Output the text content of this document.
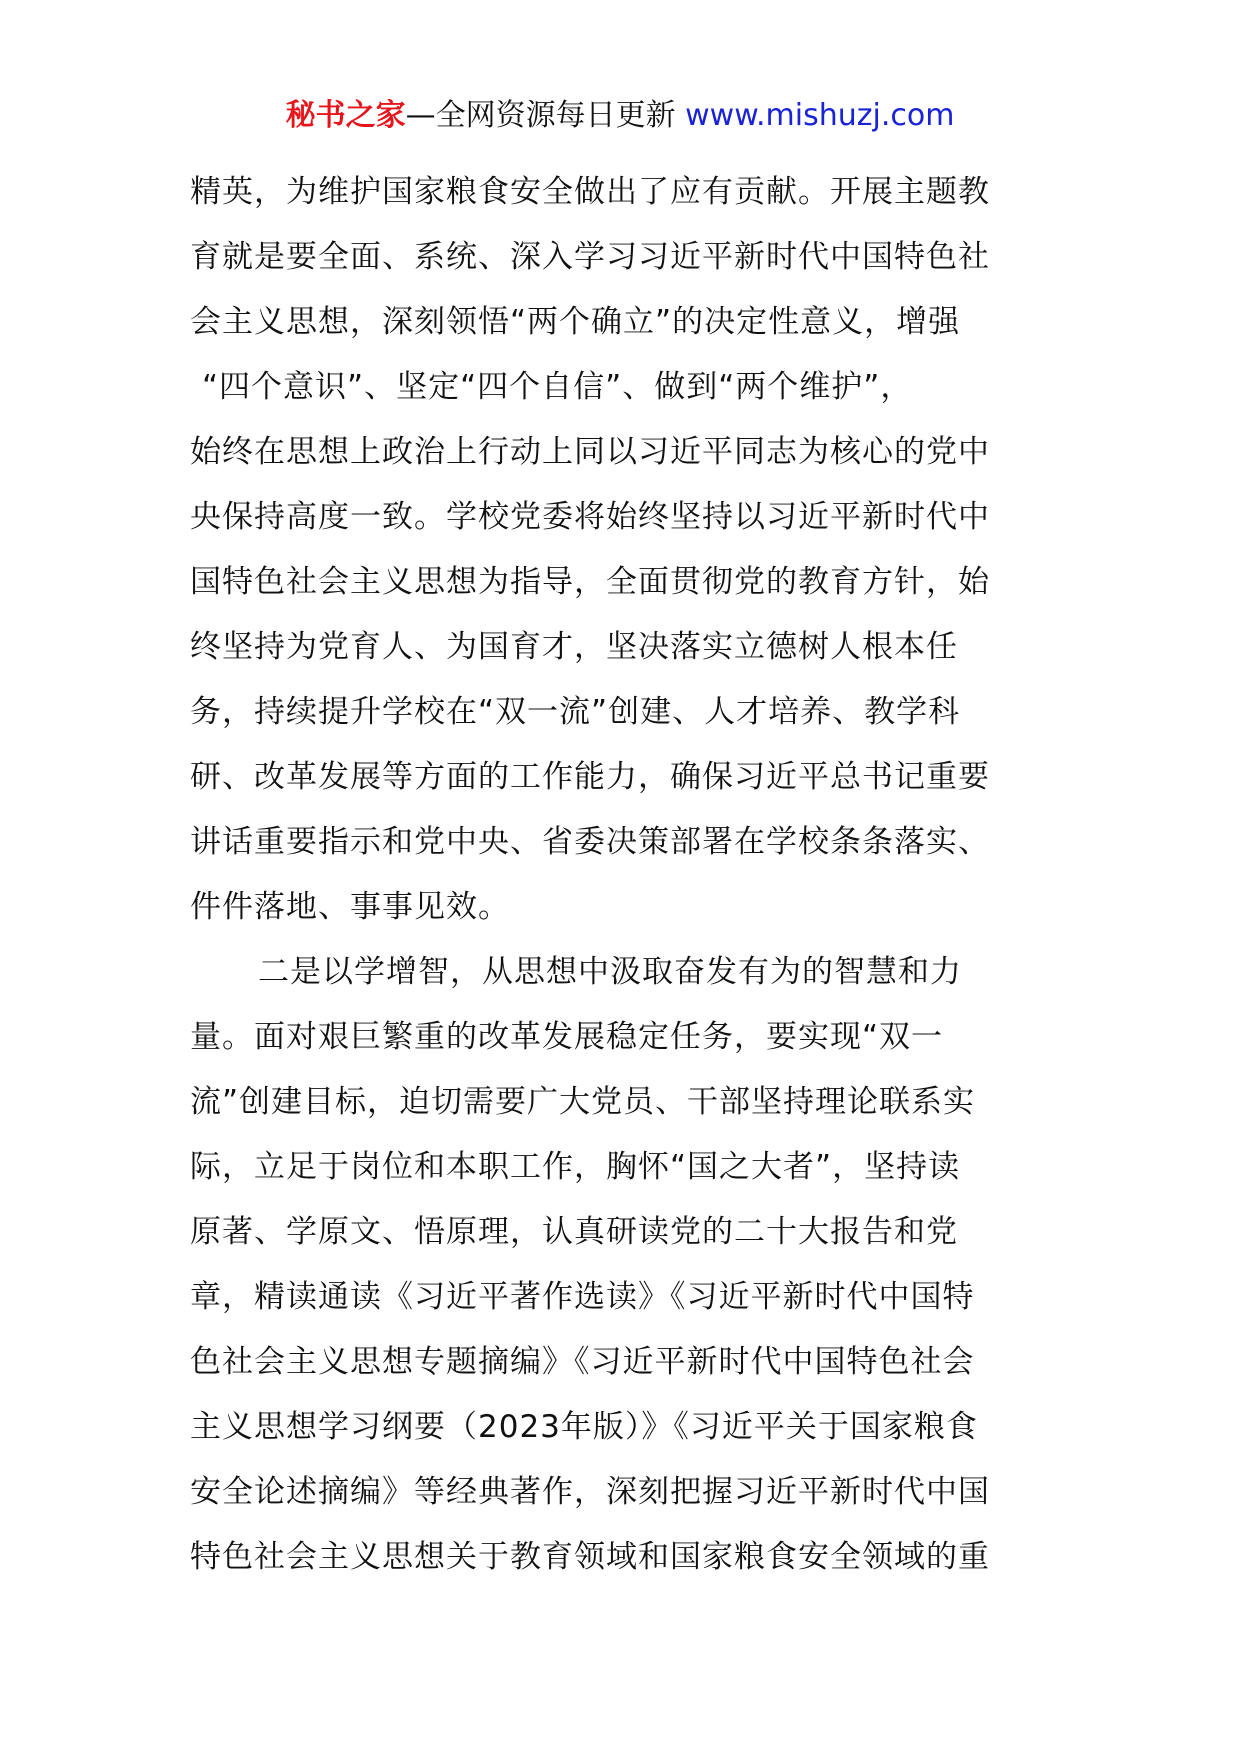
秘书之家—全网资源每日更新 www.mishuzj.com
精英，为维护国家粮食安全做出了应有贡献。开展主题教
育就是要全面、系统、深入学习习近平新时代中国特色社
会主义思想，深刻领悟“两个确立”的决定性意义，增强
“四个意识”、坚定“四个自信”、做到“两个维护”，
始终在思想上政治上行动上同以习近平同志为核心的党中
央保持高度一致。学校党委将始终坚持以习近平新时代中
国特色社会主义思想为指导，全面贯彻党的教育方针，始
终坚持为党育人、为国育才，坚决落实立德树人根本任
务，持续提升学校在“双一流”创建、人才培养、教学科
研、改革发展等方面的工作能力，确保习近平总书记重要
讲话重要指示和党中央、省委决策部署在学校条条落实、
件件落地、事事见效。
二是以学增智，从思想中汲取奋发有为的智慧和力
量。面对艰巨繁重的改革发展稳定任务，要实现“双一
流”创建目标，迫切需要广大党员、干部坚持理论联系实
际，立足于岗位和本职工作，胸怀“国之大者”，坚持读
原著、学原文、悟原理，认真研读党的二十大报告和党
章，精读通读《习近平著作选读》《习近平新时代中国特
色社会主义思想专题摘编》《习近平新时代中国特色社会
主义思想学习纲要（2023年版）》《习近平关于国家粮食
安全论述摘编》等经典著作，深刻把握习近平新时代中国
特色社会主义思想关于教育领域和国家粮食安全领域的重
